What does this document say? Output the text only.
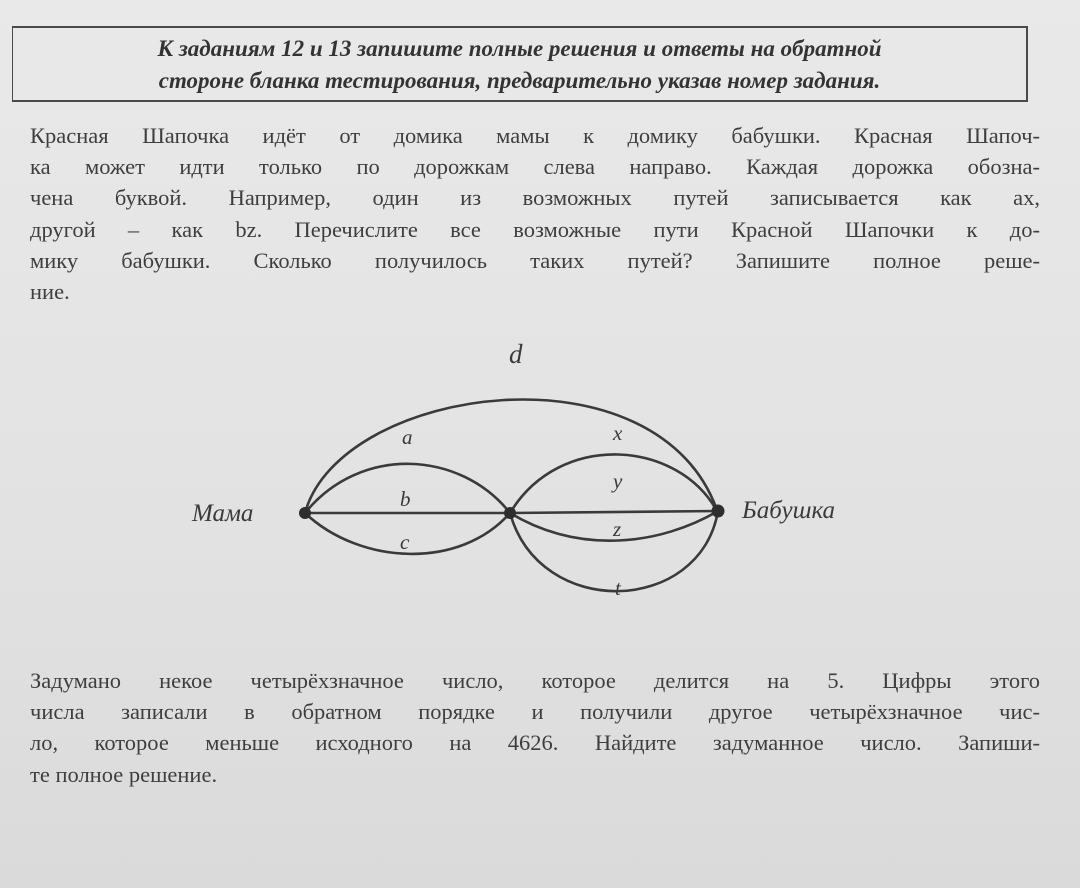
К заданиям 12 и 13 запишите полные решения и ответы на обратной
стороне бланка тестирования, предварительно указав номер задания.
Красная Шапочка идёт от домика мамы к домику бабушки. Красная Шапоч-
ка может идти только по дорожкам слева направо. Каждая дорожка обозна-
чена буквой. Например, один из возможных путей записывается как ax,
другой – как bz. Перечислите все возможные пути Красной Шапочки к до-
мику бабушки. Сколько получилось таких путей? Запишите полное реше-
ние.
Мама	Бабушка
d
a
b
c
x
y
z
t
Задумано некое четырёхзначное число, которое делится на 5. Цифры этого
числа записали в обратном порядке и получили другое четырёхзначное чис-
ло, которое меньше исходного на 4626. Найдите задуманное число. Запиши-
те полное решение.
